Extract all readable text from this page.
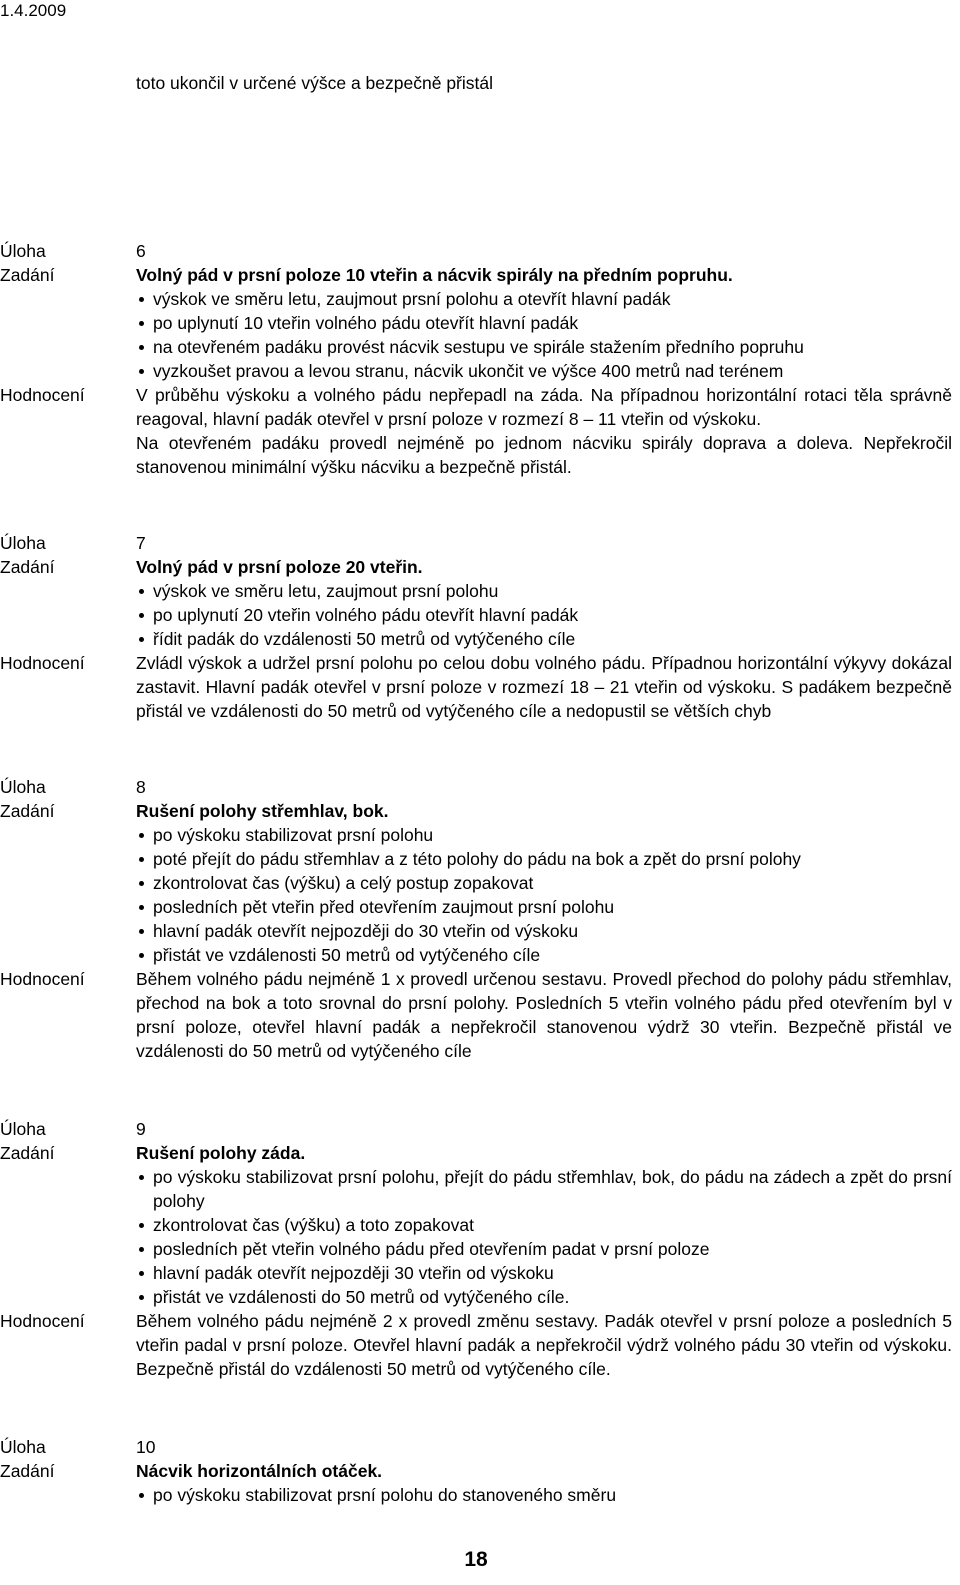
1.4.2009
toto ukončil v určené výšce a bezpečně přistál
Úloha	6
Zadání	Volný pád v prsní poloze 10 vteřin a nácvik spirály na předním popruhu.
výskok ve směru letu, zaujmout prsní polohu a otevřít hlavní padák
po uplynutí 10 vteřin volného pádu otevřít hlavní padák
na otevřeném padáku provést nácvik sestupu ve spirále stažením předního popruhu
vyzkoušet pravou a levou stranu, nácvik ukončit ve výšce 400 metrů nad terénem
Hodnocení	V průběhu výskoku a volného pádu nepřepadl na záda. Na případnou horizontální rotaci těla správně reagoval, hlavní padák otevřel v prsní poloze v rozmezí 8 – 11 vteřin od výskoku.
Na otevřeném padáku provedl nejméně po jednom nácviku spirály doprava a doleva. Nepřekročil stanovenou minimální výšku nácviku a bezpečně přistál.
Úloha	7
Zadání	Volný pád v prsní poloze 20 vteřin.
výskok ve směru letu, zaujmout prsní polohu
po uplynutí 20 vteřin volného pádu otevřít hlavní padák
řídit padák do vzdálenosti 50 metrů od vytýčeného cíle
Hodnocení	Zvládl výskok a udržel prsní polohu po celou dobu volného pádu. Případnou horizontální výkyvy dokázal zastavit. Hlavní padák otevřel v prsní poloze v rozmezí 18 – 21 vteřin od výskoku. S padákem bezpečně přistál ve vzdálenosti do 50 metrů od vytýčeného cíle a nedopustil se větších chyb
Úloha	8
Zadání	Rušení polohy střemhlav, bok.
po výskoku stabilizovat prsní polohu
poté přejít do pádu střemhlav a z této polohy do pádu na bok a zpět do prsní polohy
zkontrolovat čas (výšku) a celý postup zopakovat
posledních pět vteřin před otevřením zaujmout prsní polohu
hlavní padák otevřít nejpozději do 30 vteřin od výskoku
přistát ve vzdálenosti 50 metrů od vytýčeného cíle
Hodnocení	Během volného pádu nejméně 1 x provedl určenou sestavu. Provedl přechod do polohy pádu střemhlav, přechod na bok a toto srovnal do prsní polohy. Posledních 5 vteřin volného pádu před otevřením byl v prsní poloze, otevřel hlavní padák a nepřekročil stanovenou výdrž 30 vteřin. Bezpečně přistál ve vzdálenosti do 50 metrů od vytýčeného cíle
Úloha	9
Zadání	Rušení polohy záda.
po výskoku stabilizovat prsní polohu, přejít do pádu střemhlav, bok, do pádu na zádech a zpět do prsní polohy
zkontrolovat čas (výšku) a toto zopakovat
posledních pět vteřin volného pádu před otevřením padat v prsní poloze
hlavní padák otevřít nejpozději 30 vteřin od výskoku
přistát ve vzdálenosti do 50 metrů od vytýčeného cíle.
Hodnocení	Během volného pádu nejméně 2 x provedl změnu sestavy. Padák otevřel v prsní poloze a posledních 5 vteřin padal v prsní poloze. Otevřel hlavní padák a nepřekročil výdrž volného pádu 30 vteřin od výskoku. Bezpečně přistál do vzdálenosti 50 metrů od vytýčeného cíle.
Úloha	10
Zadání	Nácvik horizontálních otáček.
po výskoku stabilizovat prsní polohu do stanoveného směru
18
